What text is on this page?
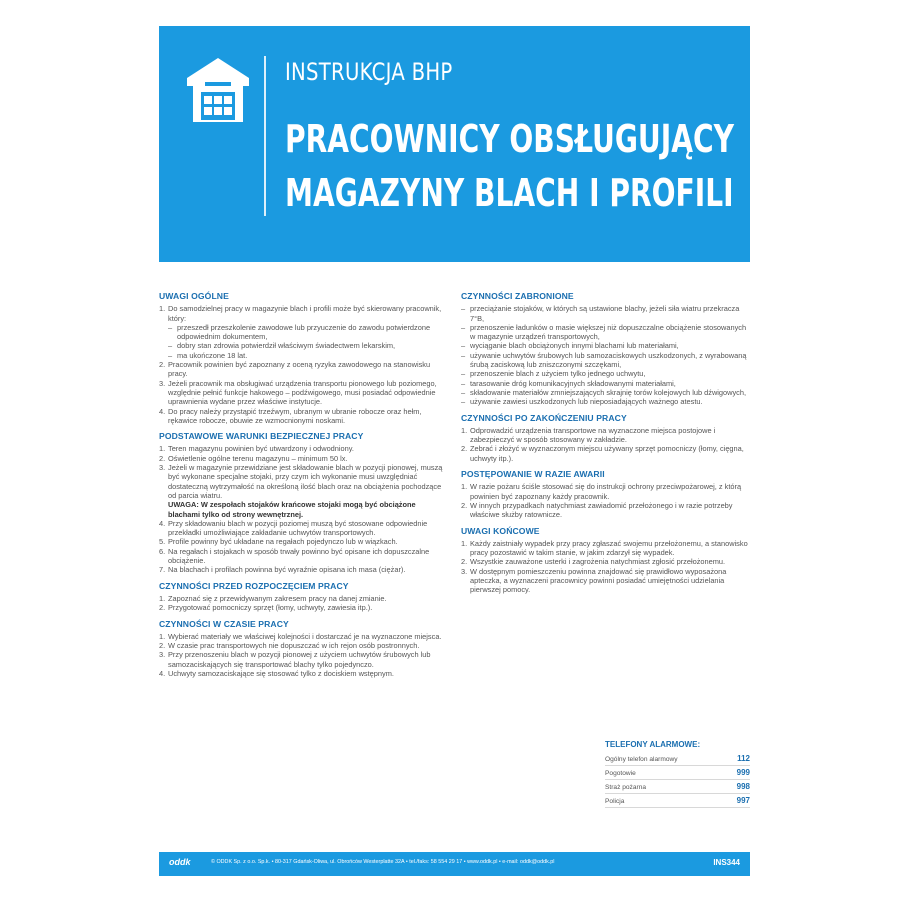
INSTRUKCJA BHP
PRACOWNICY OBSŁUGUJĄCY
MAGAZYNY BLACH I PROFILI
UWAGI OGÓLNE
1. Do samodzielnej pracy w magazynie blach i profili może być skierowany pracownik, który:
– przeszedł przeszkolenie zawodowe lub przyuczenie do zawodu potwierdzone odpowiednim dokumentem,
– dobry stan zdrowia potwierdził właściwym świadectwem lekarskim,
– ma ukończone 18 lat.
2. Pracownik powinien być zapoznany z oceną ryzyka zawodowego na stanowisku pracy.
3. Jeżeli pracownik ma obsługiwać urządzenia transportu pionowego lub poziomego, względnie pełnić funkcje hakowego – podźwigowego, musi posiadać odpowiednie uprawnienia wydane przez właściwe instytucje.
4. Do pracy należy przystąpić trzeźwym, ubranym w ubranie robocze oraz hełm, rękawice robocze, obuwie ze wzmocnionymi noskami.
PODSTAWOWE WARUNKI BEZPIECZNEJ PRACY
1. Teren magazynu powinien być utwardzony i odwodniony.
2. Oświetlenie ogólne terenu magazynu – minimum 50 lx.
3. Jeżeli w magazynie przewidziane jest składowanie blach w pozycji pionowej, muszą być wykonane specjalne stojaki, przy czym ich wykonanie musi uwzględniać dostateczną wytrzymałość na określoną ilość blach oraz na obciążenia pochodzące od parcia wiatru.
UWAGA: W zespołach stojaków krańcowe stojaki mogą być obciążone blachami tylko od strony wewnętrznej.
4. Przy składowaniu blach w pozycji poziomej muszą być stosowane odpowiednie przekładki umożliwiające zakładanie uchwytów transportowych.
5. Profile powinny być układane na regałach pojedynczo lub w wiązkach.
6. Na regałach i stojakach w sposób trwały powinno być opisane ich dopuszczalne obciążenie.
7. Na blachach i profilach powinna być wyraźnie opisana ich masa (ciężar).
CZYNNOŚCI PRZED ROZPOCZĘCIEM PRACY
1. Zapoznać się z przewidywanym zakresem pracy na danej zmianie.
2. Przygotować pomocniczy sprzęt (łomy, uchwyty, zawiesia itp.).
CZYNNOŚCI W CZASIE PRACY
1. Wybierać materiały we właściwej kolejności i dostarczać je na wyznaczone miejsca.
2. W czasie prac transportowych nie dopuszczać w ich rejon osób postronnych.
3. Przy przenoszeniu blach w pozycji pionowej z użyciem uchwytów śrubowych lub samozaciskających się transportować blachy tylko pojedynczo.
4. Uchwyty samozaciskające się stosować tylko z dociskiem wstępnym.
CZYNNOŚCI ZABRONIONE
– przeciążanie stojaków, w których są ustawione blachy, jeżeli siła wiatru przekracza 7°B,
– przenoszenie ładunków o masie większej niż dopuszczalne obciążenie stosowanych w magazynie urządzeń transportowych,
– wyciąganie blach obciążonych innymi blachami lub materiałami,
– używanie uchwytów śrubowych lub samozaciskowych uszkodzonych, z wyrabowaną śrubą zaciskową lub zniszczonymi szczękami,
– przenoszenie blach z użyciem tylko jednego uchwytu,
– tarasowanie dróg komunikacyjnych składowanymi materiałami,
– składowanie materiałów zmniejszających skrajnię torów kolejowych lub dźwigowych,
– używanie zawiesi uszkodzonych lub nieposiadających ważnego atestu.
CZYNNOŚCI PO ZAKOŃCZENIU PRACY
1. Odprowadzić urządzenia transportowe na wyznaczone miejsca postojowe i zabezpieczyć w sposób stosowany w zakładzie.
2. Zebrać i złożyć w wyznaczonym miejscu używany sprzęt pomocniczy (łomy, cięgna, uchwyty itp.).
POSTĘPOWANIE W RAZIE AWARII
1. W razie pożaru ściśle stosować się do instrukcji ochrony przeciwpożarowej, z którą powinien być zapoznany każdy pracownik.
2. W innych przypadkach natychmiast zawiadomić przełożonego i w razie potrzeby właściwe służby ratownicze.
UWAGI KOŃCOWE
1. Każdy zaistniały wypadek przy pracy zgłaszać swojemu przełożonemu, a stanowisko pracy pozostawić w takim stanie, w jakim zdarzył się wypadek.
2. Wszystkie zauważone usterki i zagrożenia natychmiast zgłosić przełożonemu.
3. W dostępnym pomieszczeniu powinna znajdować się prawidłowo wyposażona apteczka, a wyznaczeni pracownicy powinni posiadać umiejętności udzielania pierwszej pomocy.
TELEFONY ALARMOWE:
Ogólny telefon alarmowy	112
Pogotowie	999
Straż pożarna	998
Policja	997
oddk	© ODDK Sp. z o.o. Sp.k. • 80-317 Gdańsk-Oliwa, ul. Obrońców Westerplatte 32A • tel./faks: 58 554 29 17 • www.oddk.pl • e-mail: oddk@oddk.pl	INS344
